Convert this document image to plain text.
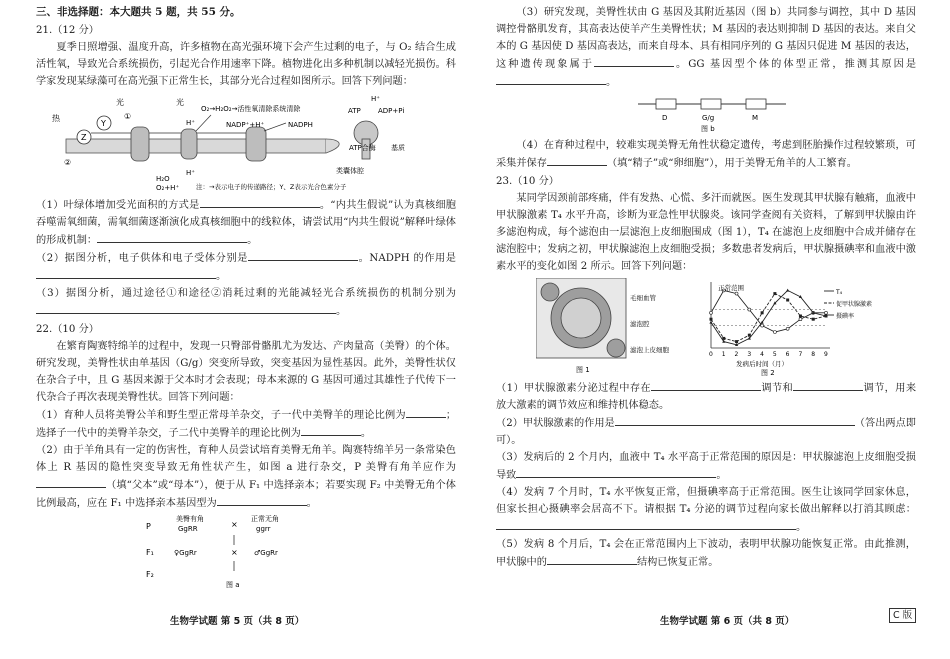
三、非选择题：本大题共 5 题，共 55 分。
21.（12 分）

夏季日照增强、温度升高，许多植物在高光强环境下会产生过剩的电子，与 O₂ 结合生成活性氧，导致光合系统损伤，引起光合作用速率下降。植物进化出多种机制以减轻光损伤。科学家发现某绿藻可在高光强下正常生长，其部分光合过程如图所示。回答下列问题：

Z
Y
热
光	光
①
②
H⁺
H⁺
O₂→H₂O₂→活性氧清除系统清除
NADP⁺+H⁺	NADPH
H₂O
O₂+H⁺
ATP合酶
ATP ADP+Pi
H⁺
基质
类囊体腔
注：→表示电子的传递路径；Y、Z表示光合色素分子

（1）叶绿体增加受光面积的方式是	。“内共生假说”认为真核细胞吞噬需氧细菌，需氧细菌逐渐演化成真核细胞中的线粒体，请尝试用“内共生假说”解释叶绿体的形成机制：	。

（2）据图分析，电子供体和电子受体分别是	。NADPH 的作用是。

（3）据图分析，通过途径①和途径②消耗过剩的光能减轻光合系统损伤的机制分别为。

22.（10 分）

在繁育陶赛特绵羊的过程中，发现一只臀部骨骼肌尤为发达、产肉量高（美臀）的个体。研究发现，美臀性状由单基因（G/g）突变所导致，突变基因为显性基因。此外，美臀性状仅在杂合子中，且 G 基因来源于父本时才会表现；母本来源的 G 基因可通过其雄性子代传下一代杂合子再次表现美臀性状。回答下列问题：

（1）育种人员将美臀公羊和野生型正常母羊杂交，子一代中美臀羊的理论比例为	；选择子一代中的美臀羊杂交，子二代中美臀羊的理论比例为	。

（2）由于羊角具有一定的伤害性，育种人员尝试培育美臀无角羊。陶赛特绵羊另一条常染色体上 R 基因的隐性突变导致无角性状产生，如图 a 进行杂交，P 美臀有角羊应作为（填“父本”或“母本”），便于从 F₁ 中选择亲本；若要实现 F₂ 中美臀无角个体比例最高，应在 F₁ 中选择亲本基因型为	。

P
F₁
F₂
美臀有角
GgRR	×
正常无角
ggrr
♀GgRr	× ♂GgRr
图 a
生物学试题 第 5 页（共 8 页）

（3）研究发现，美臀性状由 G 基因及其附近基因（图 b）共同参与调控，其中 D 基因调控骨骼肌发育，其高表达使羊产生美臀性状；M 基因的表达则抑制 D 基因的表达。来自父本的 G 基因使 D 基因高表达，而来自母本、具有相同序列的 G 基因只促进 M 基因的表达，这种遗传现象属于	。GG 基因型个体的体型正常，推测其原因是。

D	G/g	M
图 b

（4）在育种过程中，较难实现美臀无角性状稳定遗传，考虑到胚胎操作过程较繁琐，可采集并保存	（填“精子”或“卵细胞”），用于美臀无角羊的人工繁育。

23.（10 分）

某同学因颈前部疼痛，伴有发热、心慌、多汗而就医。医生发现其甲状腺有触痛，血液中甲状腺激素 T₄ 水平升高，诊断为亚急性甲状腺炎。该同学查阅有关资料，了解到甲状腺由许多滤泡构成，每个滤泡由一层滤泡上皮细胞围成（图 1），T₄ 在滤泡上皮细胞中合成并储存在滤泡腔中；发病之初，甲状腺滤泡上皮细胞受损；多数患者发病后，甲状腺摄碘率和血液中激素水平的变化如图 2 所示。回答下列问题：

毛细血管
滤泡腔
滤泡上皮细胞
图 1
0 1 2 3 4 5 6 7 8 9
正常范围
T₄
促甲状腺激素
摄碘率
发病后时间（月）
图 2

（1）甲状腺激素分泌过程中存在	调节和	调节，用来放大激素的调节效应和维持机体稳态。

（2）甲状腺激素的作用是	（答出两点即可）。

（3）发病后的 2 个月内，血液中 T₄ 水平高于正常范围的原因是：甲状腺滤泡上皮细胞受损导致	。

（4）发病 7 个月时，T₄ 水平恢复正常，但摄碘率高于正常范围。医生让该同学回家休息，但家长担心摄碘率会居高不下。请根据 T₄ 分泌的调节过程向家长做出解释以打消其顾虑：。

（5）发病 8 个月后，T₄ 会在正常范围内上下波动，表明甲状腺功能恢复正常。由此推测，甲状腺中的	结构已恢复正常。

生物学试题 第 6 页（共 8 页）
C 版
